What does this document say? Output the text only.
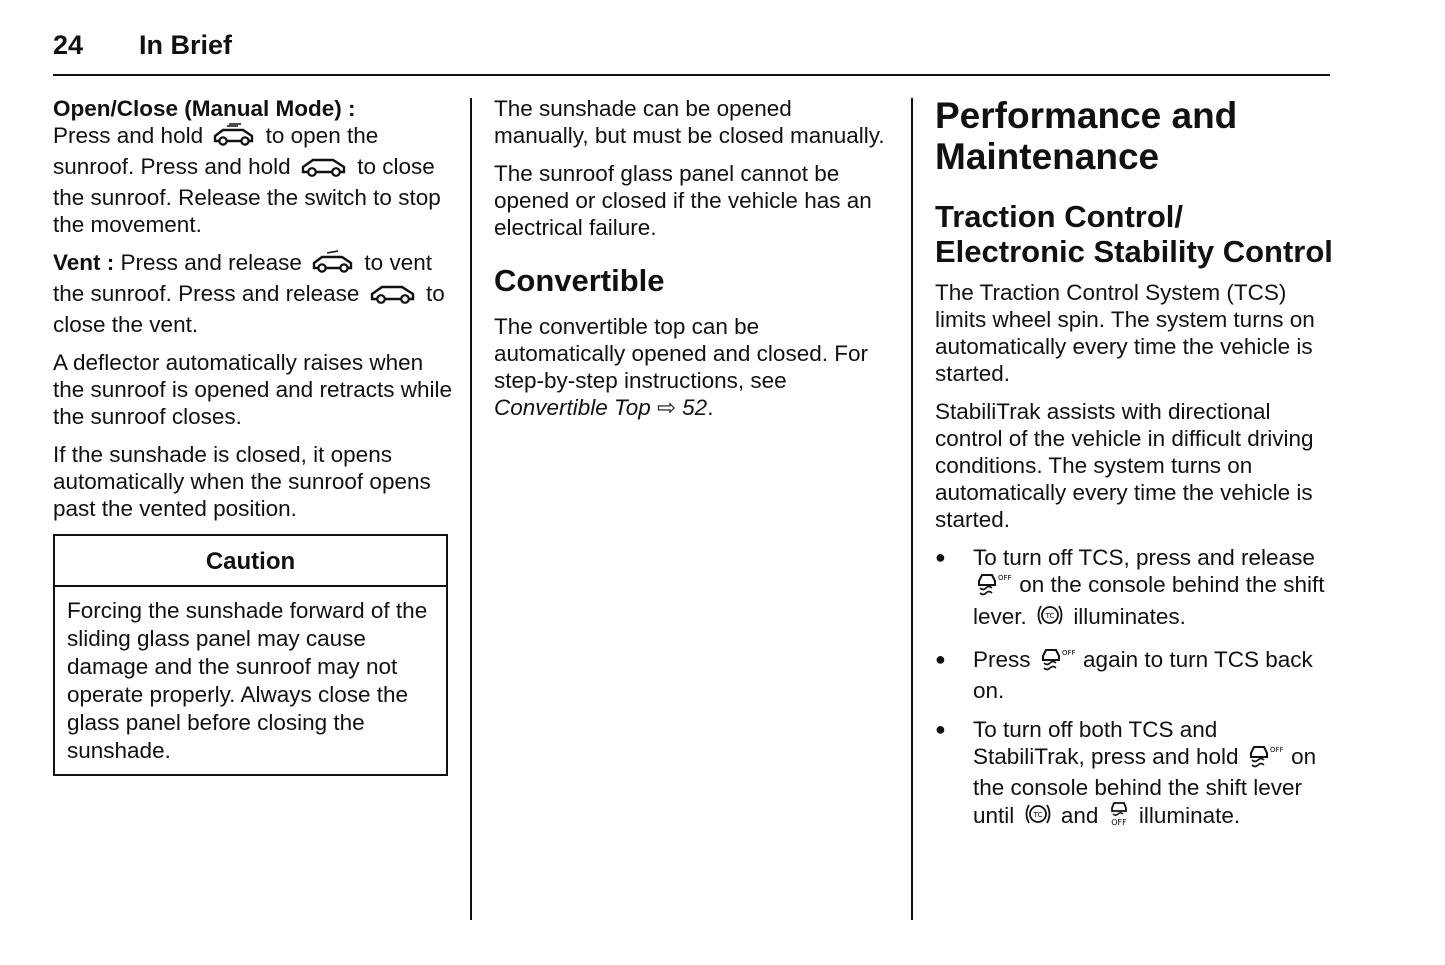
24 In Brief

Open/Close (Manual Mode) :
Press and hold	to open the sunroof. Press and hold	to close the sunroof. Release the switch to stop the movement.

Vent : Press and release	to vent the sunroof. Press and release	to close the vent.

A deflector automatically raises when the sunroof is opened and retracts while the sunroof closes.

If the sunshade is closed, it opens automatically when the sunroof opens past the vented position.

Caution
Forcing the sunshade forward of the sliding glass panel may cause damage and the sunroof may not operate properly. Always close the glass panel before closing the sunshade.

The sunshade can be opened manually, but must be closed manually.

The sunroof glass panel cannot be opened or closed if the vehicle has an electrical failure.

Convertible

The convertible top can be automatically opened and closed. For step-by-step instructions, see Convertible Top ⇨ 52.

Performance and Maintenance
Traction Control/ Electronic Stability Control

The Traction Control System (TCS) limits wheel spin. The system turns on automatically every time the vehicle is started.

StabiliTrak assists with directional control of the vehicle in difficult driving conditions. The system turns on automatically every time the vehicle is started.

● To turn off TCS, press and release
OFF on the console behind the shift lever.	TC illuminates.
● Press	OFF again to turn TCS back on.
● To turn off both TCS and StabiliTrak, press and hold	OFF on the console behind the shift lever until	TC and OFF illuminate.
